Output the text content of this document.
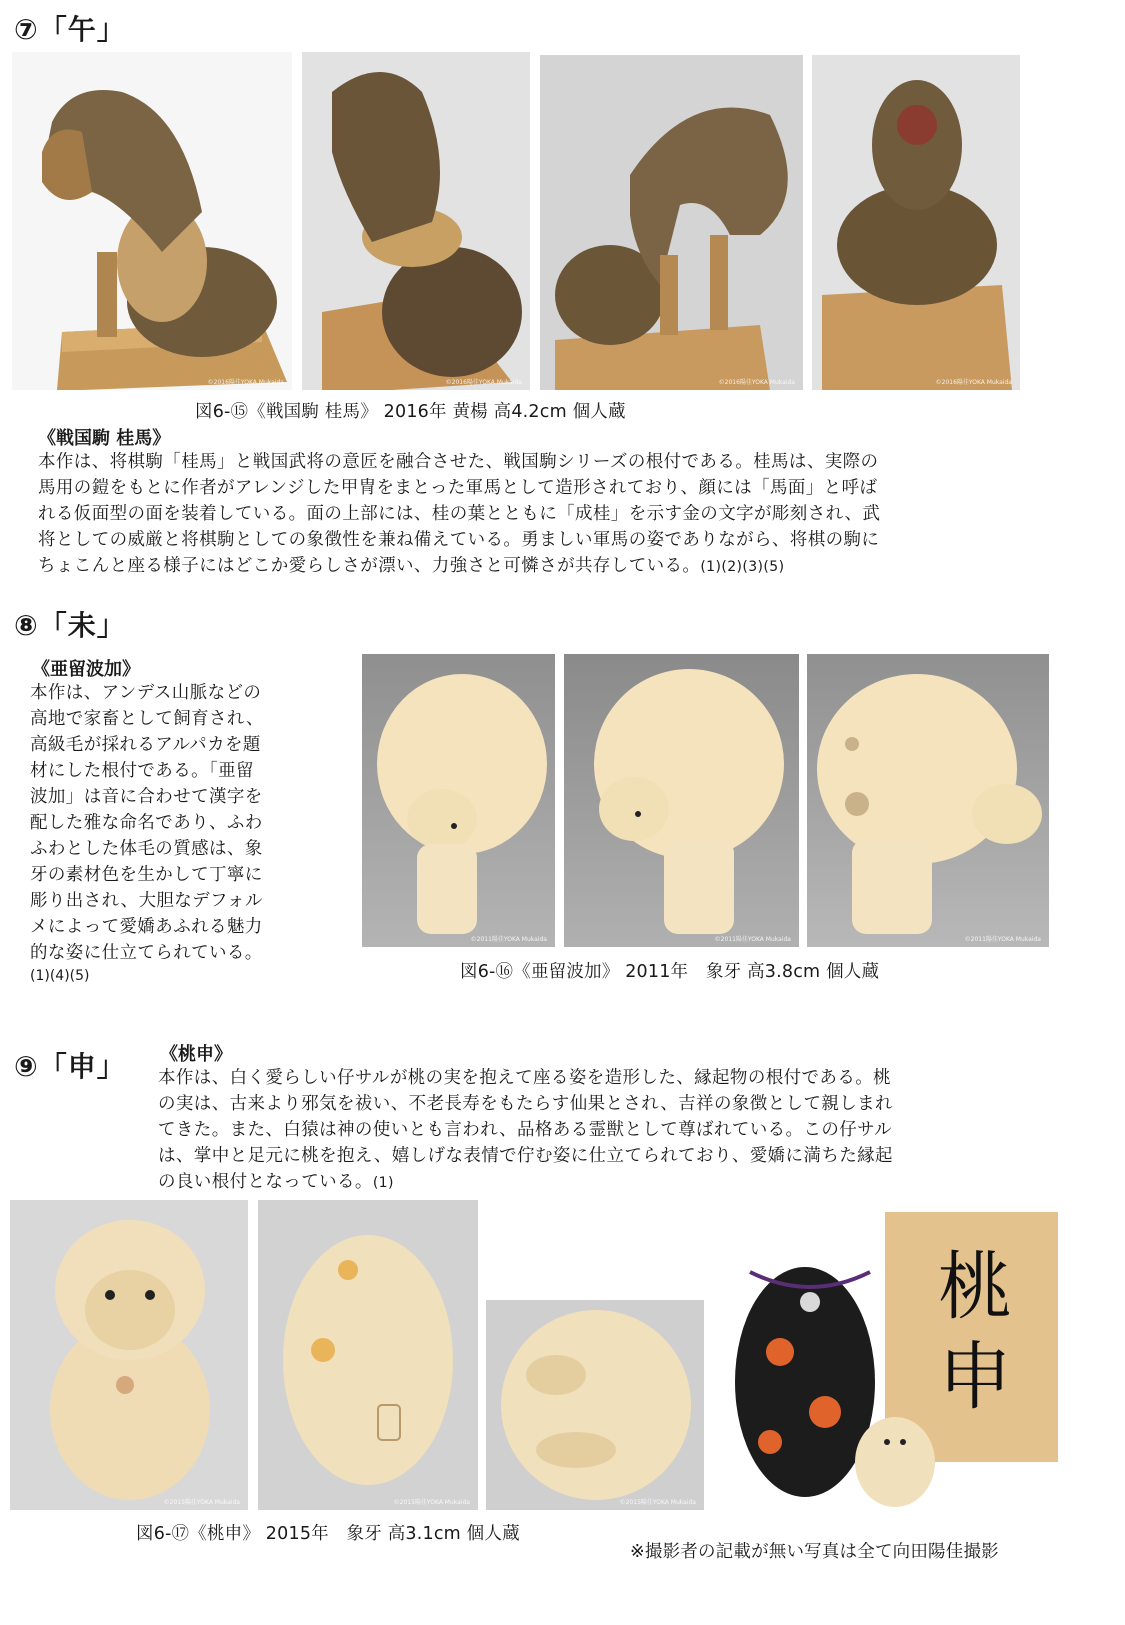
⑦「午」
©2016陽佳YOKA Mukaida	©2016陽佳YOKA Mukaida	©2016陽佳YOKA Mukaida	©2016陽佳YOKA Mukaida
図6-⑮《戦国駒 桂馬》 2016年 黄楊 高4.2cm 個人蔵
《戦国駒 桂馬》
本作は、将棋駒「桂馬」と戦国武将の意匠を融合させた、戦国駒シリーズの根付である。桂馬は、実際の
馬用の鎧をもとに作者がアレンジした甲冑をまとった軍馬として造形されており、顔には「馬面」と呼ば
れる仮面型の面を装着している。面の上部には、桂の葉とともに「成桂」を示す金の文字が彫刻され、武
将としての威厳と将棋駒としての象徴性を兼ね備えている。勇ましい軍馬の姿でありながら、将棋の駒に
ちょこんと座る様子にはどこか愛らしさが漂い、力強さと可憐さが共存している。(1)(2)(3)(5)
⑧「未」
《亜留波加》
本作は、アンデス山脈などの
高地で家畜として飼育され、
高級毛が採れるアルパカを題
材にした根付である。「亜留
波加」は音に合わせて漢字を
配した雅な命名であり、ふわ
ふわとした体毛の質感は、象
牙の素材色を生かして丁寧に
彫り出され、大胆なデフォル
メによって愛嬌あふれる魅力
的な姿に仕立てられている。
(1)(4)(5)
©2011陽佳YOKA Mukaida	©2011陽佳YOKA Mukaida	©2011陽佳YOKA Mukaida
図6-⑯《亜留波加》 2011年　象牙 高3.8cm 個人蔵
⑨「申」 《桃申》
本作は、白く愛らしい仔サルが桃の実を抱えて座る姿を造形した、縁起物の根付である。桃
の実は、古来より邪気を祓い、不老長寿をもたらす仙果とされ、吉祥の象徴として親しまれ
てきた。また、白猿は神の使いとも言われ、品格ある霊獣として尊ばれている。この仔サル
は、掌中と足元に桃を抱え、嬉しげな表情で佇む姿に仕立てられており、愛嬌に満ちた縁起
の良い根付となっている。(1)
©2015陽佳YOKA Mukaida	©2015陽佳YOKA Mukaida	©2015陽佳YOKA Mukaida
桃
申
©2015陽佳YOKA Mukaida
図6-⑰《桃申》 2015年　象牙 高3.1cm 個人蔵
※撮影者の記載が無い写真は全て向田陽佳撮影
